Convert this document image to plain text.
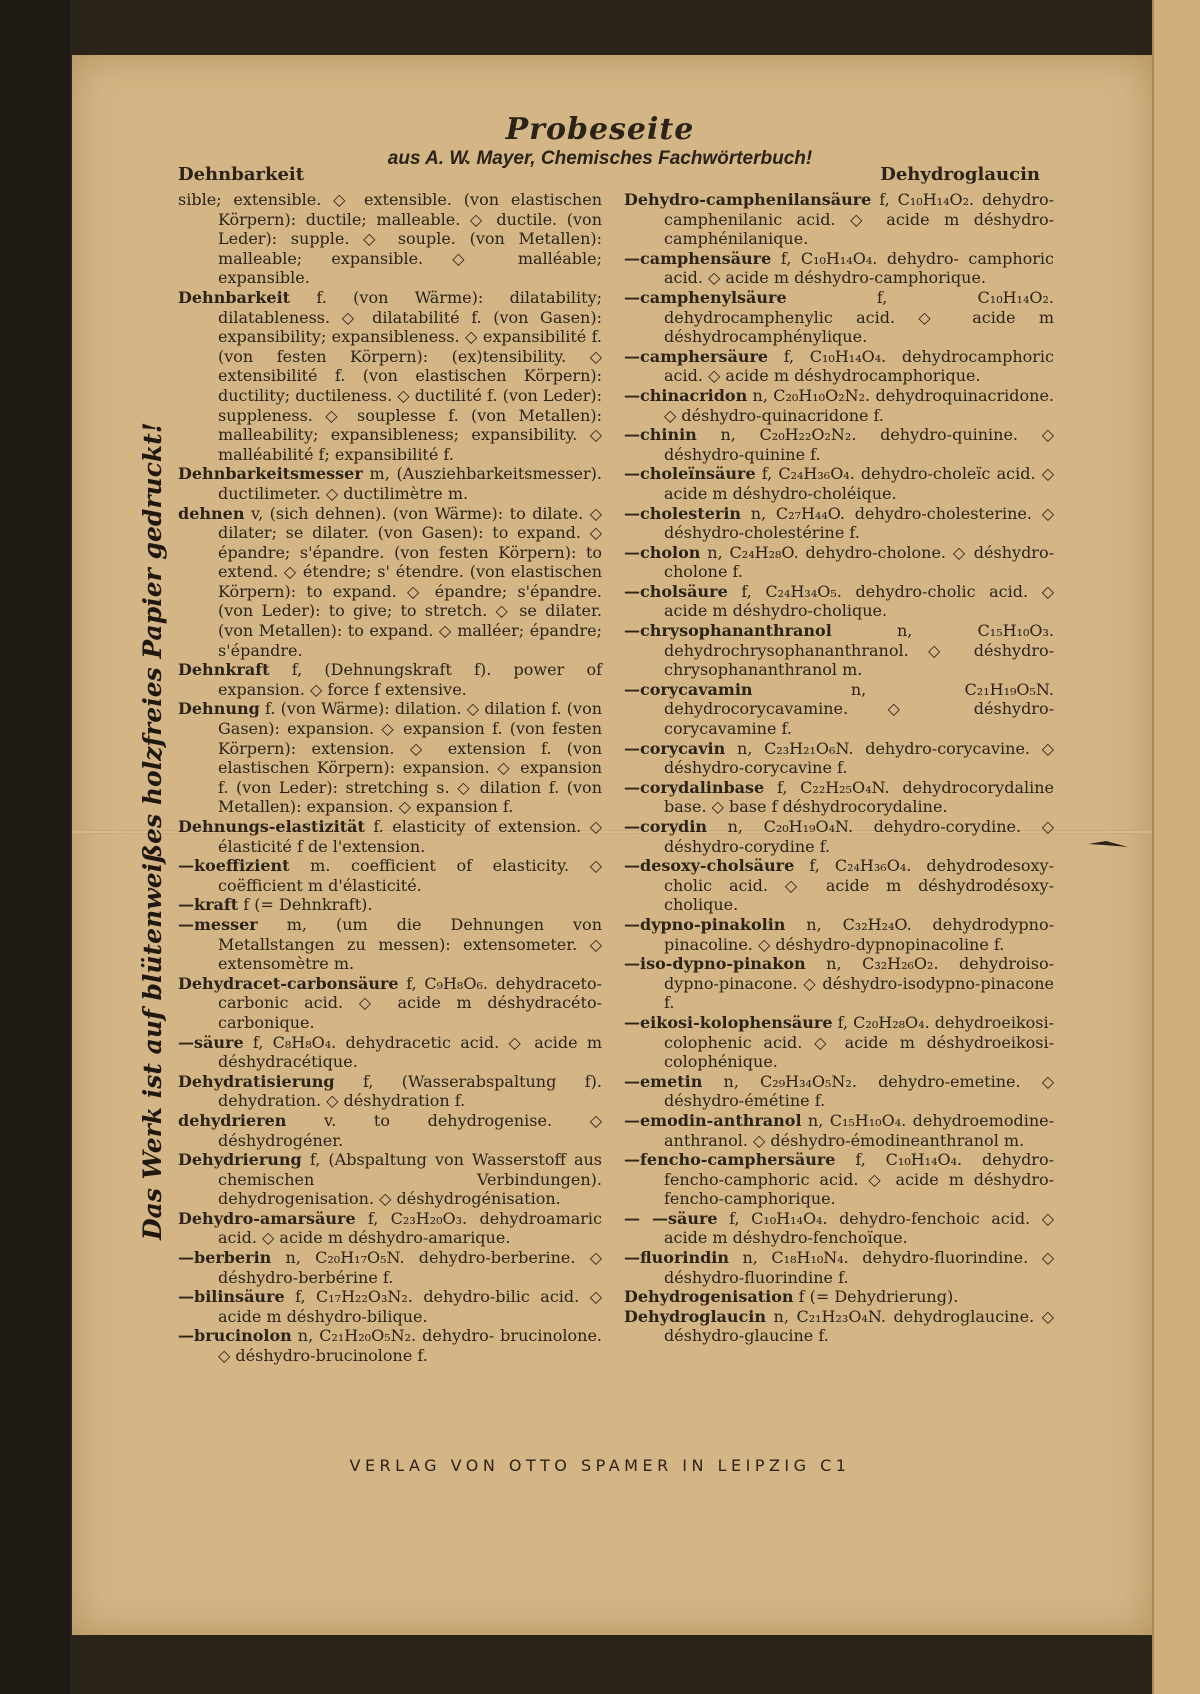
Probeseite
aus A. W. Mayer, Chemisches Fachwörterbuch!
Dehnbarkeit	Dehydroglaucin
Das Werk ist auf blütenweißes holzfreies Papier gedruckt!

sible; extensible. ◇ extensible. (von elastischen Körpern): ductile; malleable. ◇ ductile. (von Leder): supple. ◇ souple. (von Metallen): malleable; expansible. ◇ malléable; expansible.

Dehnbarkeit f. (von Wärme): dilatability; dilatableness. ◇ dilatabilité f. (von Gasen): expansibility; expansibleness. ◇ expansibilité f. (von festen Körpern): (ex)tensibility. ◇ extensibilité f. (von elastischen Körpern): ductility; ductileness. ◇ ductilité f. (von Leder): suppleness. ◇ souplesse f. (von Metallen): malleability; expansibleness; expansibility. ◇ malléabilité f; expansibilité f.

Dehnbarkeitsmesser m, (Ausziehbarkeitsmesser). ductilimeter. ◇ ductilimètre m.

dehnen v, (sich dehnen). (von Wärme): to dilate. ◇ dilater; se dilater. (von Gasen): to expand. ◇ épandre; s'épandre. (von festen Körpern): to extend. ◇ étendre; s' étendre. (von elastischen Körpern): to expand. ◇ épandre; s'épandre. (von Leder): to give; to stretch. ◇ se dilater. (von Metallen): to expand. ◇ malléer; épandre; s'épandre.

Dehnkraft f, (Dehnungskraft f). power of expansion. ◇ force f extensive.

Dehnung f. (von Wärme): dilation. ◇ dilation f. (von Gasen): expansion. ◇ expansion f. (von festen Körpern): extension. ◇ extension f. (von elastischen Körpern): expansion. ◇ expansion f. (von Leder): stretching s. ◇ dilation f. (von Metallen): expansion. ◇ expansion f.

Dehnungs-elastizität f. elasticity of extension. ◇ élasticité f de l'extension.

—koeffizient m. coefficient of elasticity. ◇ coëfficient m d'élasticité.

—kraft f (= Dehnkraft).

—messer m, (um die Dehnungen von Metallstangen zu messen): extensometer. ◇ extensomètre m.

Dehydracet-carbonsäure f, C₉H₈O₆. dehydraceto-carbonic acid. ◇ acide m déshydracéto-carbonique.

—säure f, C₈H₈O₄. dehydracetic acid. ◇ acide m déshydracétique.

Dehydratisierung f, (Wasserabspaltung f). dehydration. ◇ déshydration f.

dehydrieren v. to dehydrogenise. ◇ déshydrogéner.

Dehydrierung f, (Abspaltung von Wasserstoff aus chemischen Verbindungen). dehydrogenisation. ◇ déshydrogénisation.

Dehydro-amarsäure f, C₂₃H₂₀O₃. dehydroamaric acid. ◇ acide m déshydro-amarique.

—berberin n, C₂₀H₁₇O₅N. dehydro-berberine. ◇ déshydro-berbérine f.

—bilinsäure f, C₁₇H₂₂O₃N₂. dehydro-bilic acid. ◇ acide m déshydro-bilique.

—brucinolon n, C₂₁H₂₀O₅N₂. dehydro- brucinolone. ◇ déshydro-brucinolone f.

Dehydro-camphenilansäure f, C₁₀H₁₄O₂. dehydro-camphenilanic acid. ◇ acide m déshydro-camphénilanique.

—camphensäure f, C₁₀H₁₄O₄. dehydro- camphoric acid. ◇ acide m déshydro-camphorique.

—camphenylsäure f, C₁₀H₁₄O₂. dehydrocamphenylic acid. ◇ acide m déshydrocamphénylique.

—camphersäure f, C₁₀H₁₄O₄. dehydrocamphoric acid. ◇ acide m déshydrocamphorique.

—chinacridon n, C₂₀H₁₀O₂N₂. dehydroquinacridone. ◇ déshydro-quinacridone f.

—chinin n, C₂₀H₂₂O₂N₂. dehydro-quinine. ◇ déshydro-quinine f.

—choleïnsäure f, C₂₄H₃₆O₄. dehydro-choleïc acid. ◇ acide m déshydro-choléique.

—cholesterin n, C₂₇H₄₄O. dehydro-cholesterine. ◇ déshydro-cholestérine f.

—cholon n, C₂₄H₂₈O. dehydro-cholone. ◇ déshydro-cholone f.

—cholsäure f, C₂₄H₃₄O₅. dehydro-cholic acid. ◇ acide m déshydro-cholique.

—chrysophananthranol n, C₁₅H₁₀O₃. dehydrochrysophananthranol. ◇ déshydro-chrysophananthranol m.

—corycavamin n, C₂₁H₁₉O₅N. dehydrocorycavamine. ◇ déshydro-corycavamine f.

—corycavin n, C₂₃H₂₁O₆N. dehydro-corycavine. ◇ déshydro-corycavine f.

—corydalinbase f, C₂₂H₂₅O₄N. dehydrocorydaline base. ◇ base f déshydrocorydaline.

—corydin n, C₂₀H₁₉O₄N. dehydro-corydine. ◇ déshydro-corydine f.

—desoxy-cholsäure f, C₂₄H₃₆O₄. dehydrodesoxy-cholic acid. ◇ acide m déshydrodésoxy-cholique.

—dypno-pinakolin n, C₃₂H₂₄O. dehydrodypno-pinacoline. ◇ déshydro-dypnopinacoline f.

—iso-dypno-pinakon n, C₃₂H₂₆O₂. dehydroiso-dypno-pinacone. ◇ déshydro-isodypno-pinacone f.

—eikosi-kolophensäure f, C₂₀H₂₈O₄. dehydroeikosi-colophenic acid. ◇ acide m déshydroeikosi-colophénique.

—emetin n, C₂₉H₃₄O₅N₂. dehydro-emetine. ◇ déshydro-émétine f.

—emodin-anthranol n, C₁₅H₁₀O₄. dehydroemodine-anthranol. ◇ déshydro-émodineanthranol m.

—fencho-camphersäure f, C₁₀H₁₄O₄. dehydro-fencho-camphoric acid. ◇ acide m déshydro-fencho-camphorique.

— —säure f, C₁₀H₁₄O₄. dehydro-fenchoic acid. ◇ acide m déshydro-fenchoïque.

—fluorindin n, C₁₈H₁₀N₄. dehydro-fluorindine. ◇ déshydro-fluorindine f.

Dehydrogenisation f (= Dehydrierung).

Dehydroglaucin n, C₂₁H₂₃O₄N. dehydroglaucine. ◇ déshydro-glaucine f.

VERLAG VON OTTO SPAMER IN LEIPZIG C1
